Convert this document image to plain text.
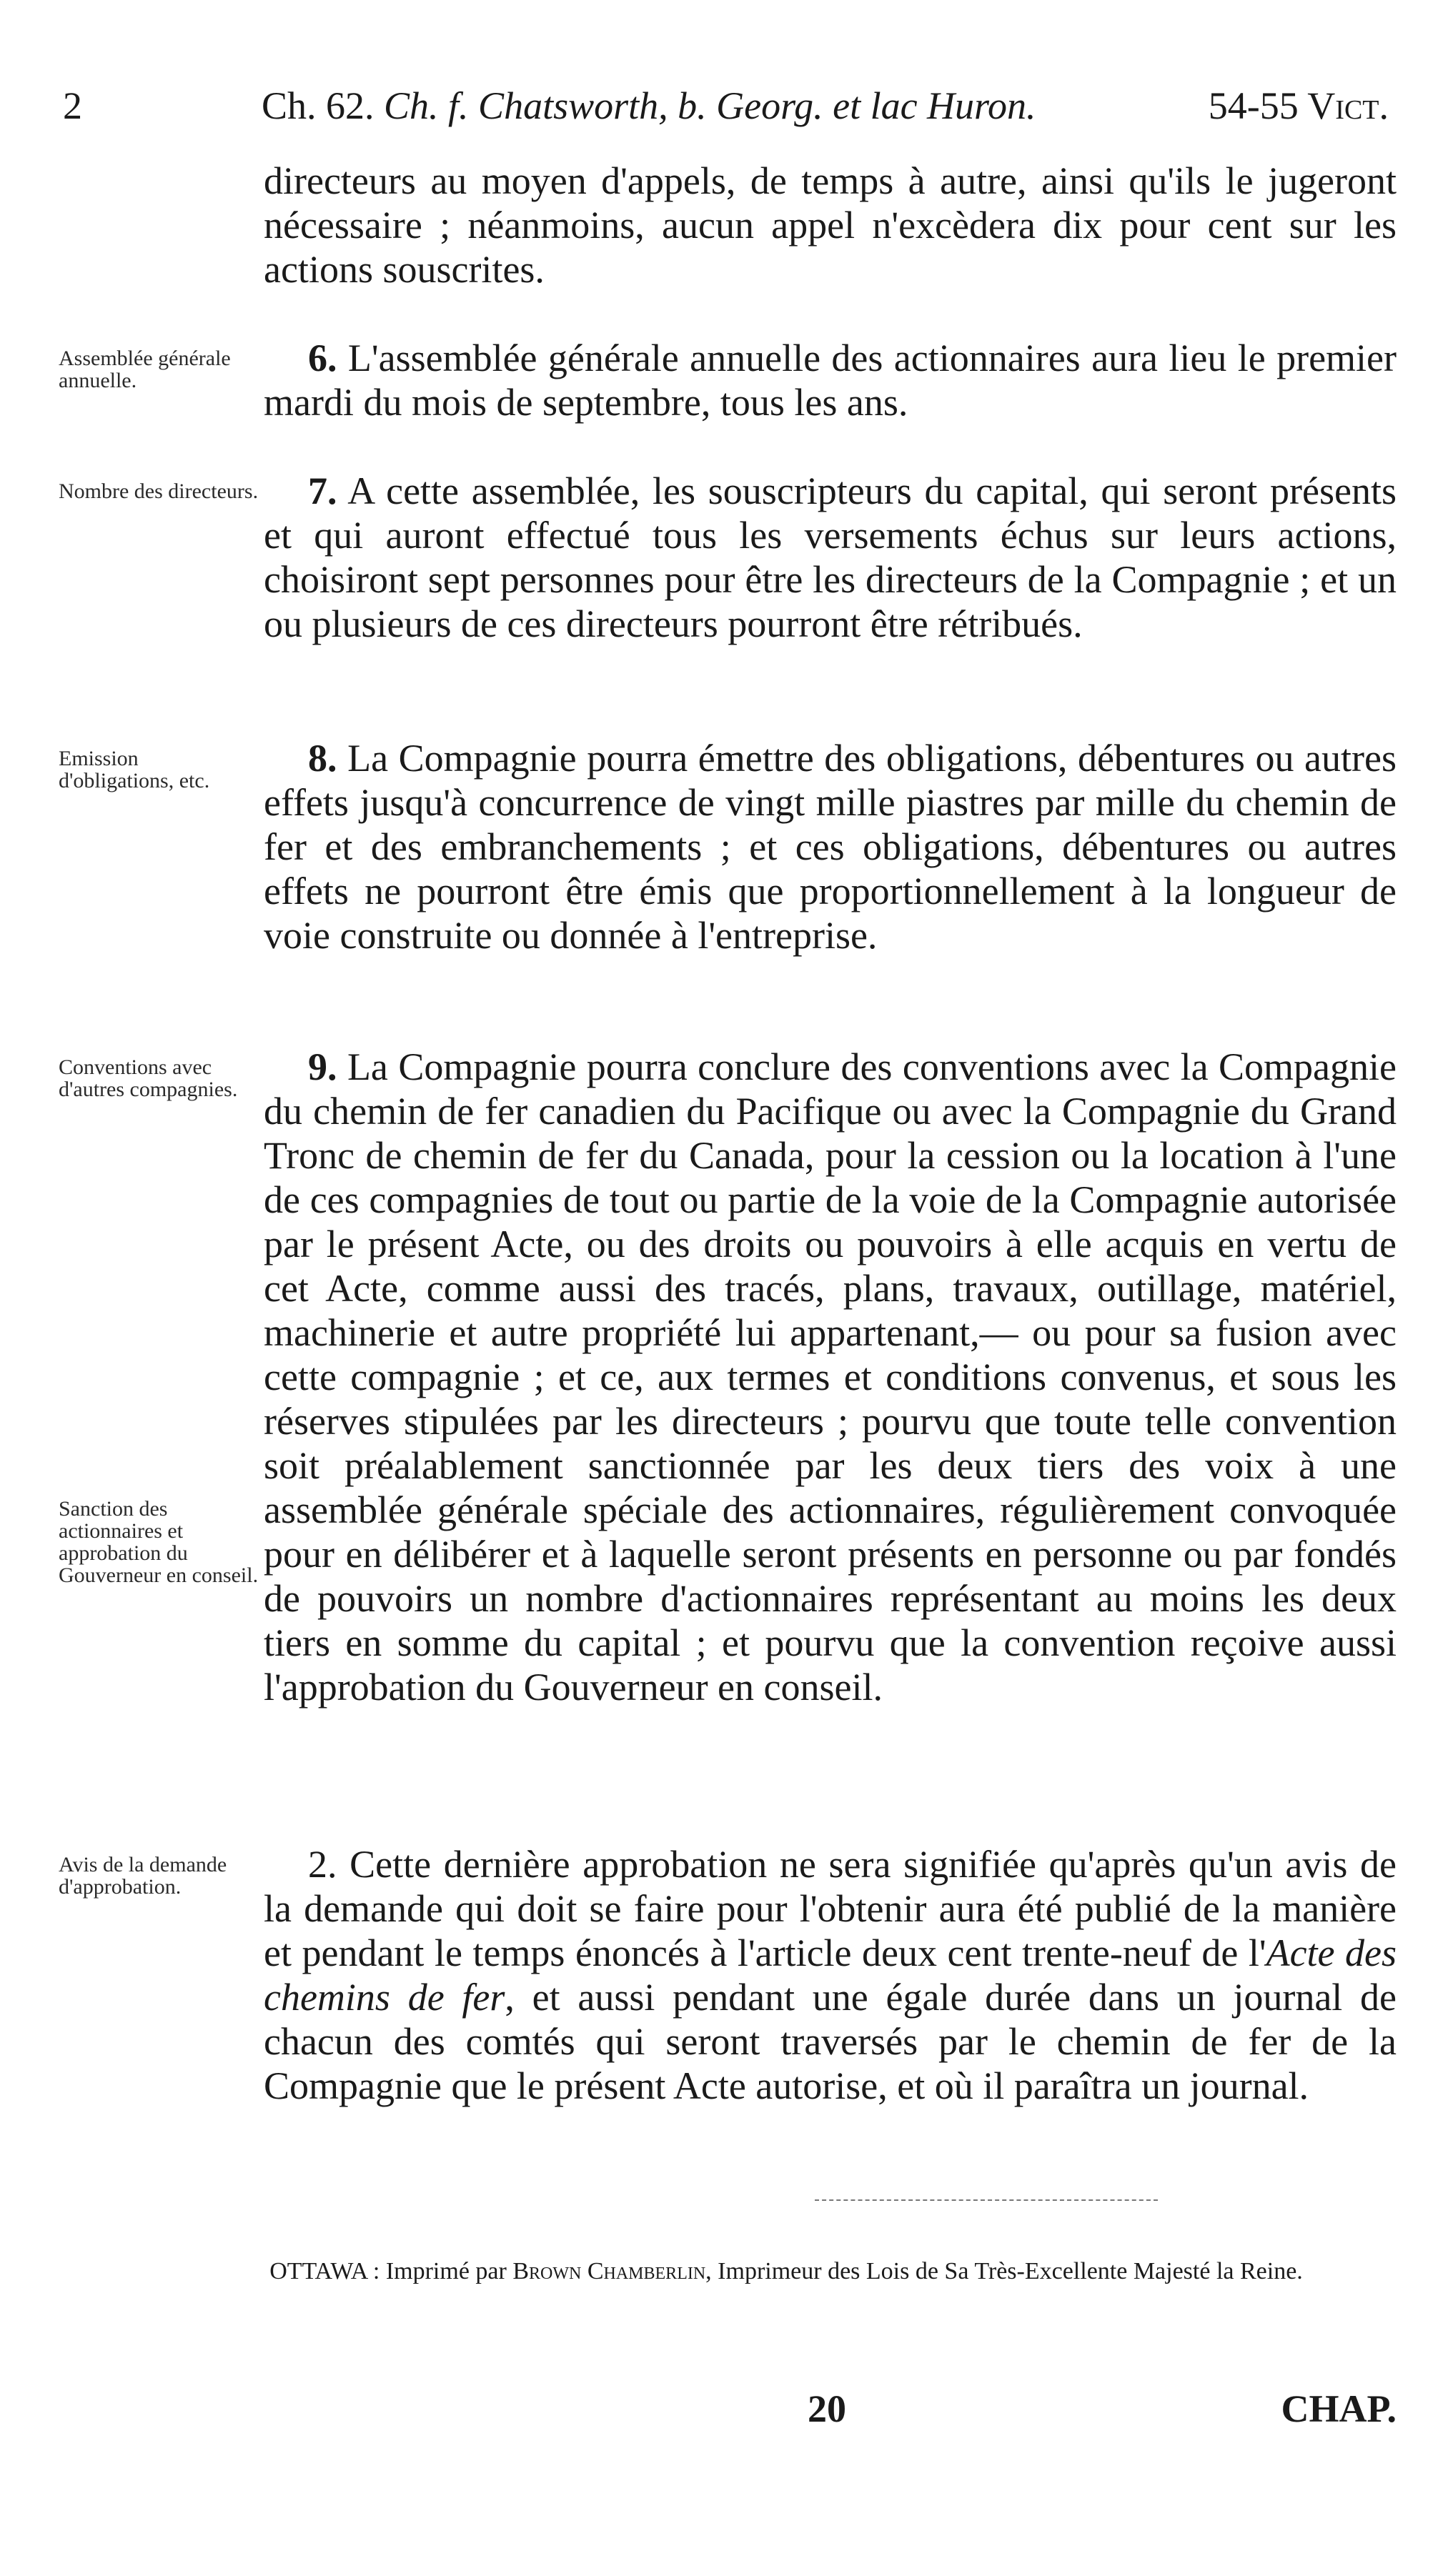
2	Ch. 62. Ch. f. Chatsworth, b. Georg. et lac Huron.	54-55 Vict.

directeurs au moyen d'appels, de temps à autre, ainsi qu'ils le jugeront nécessaire ; néanmoins, aucun appel n'excèdera dix pour cent sur les actions souscrites.

6. L'assemblée générale annuelle des actionnaires aura lieu le premier mardi du mois de septembre, tous les ans.

7. A cette assemblée, les souscripteurs du capital, qui seront présents et qui auront effectué tous les versements échus sur leurs actions, choisiront sept personnes pour être les directeurs de la Compagnie ; et un ou plusieurs de ces directeurs pourront être rétribués.

8. La Compagnie pourra émettre des obligations, débentures ou autres effets jusqu'à concurrence de vingt mille piastres par mille du chemin de fer et des embranchements ; et ces obligations, débentures ou autres effets ne pourront être émis que proportionnellement à la longueur de voie construite ou donnée à l'entreprise.

9. La Compagnie pourra conclure des conventions avec la Compagnie du chemin de fer canadien du Pacifique ou avec la Compagnie du Grand Tronc de chemin de fer du Canada, pour la cession ou la location à l'une de ces compagnies de tout ou partie de la voie de la Compagnie autorisée par le présent Acte, ou des droits ou pouvoirs à elle acquis en vertu de cet Acte, comme aussi des tracés, plans, travaux, outillage, matériel, machinerie et autre propriété lui appartenant,— ou pour sa fusion avec cette compagnie ; et ce, aux termes et conditions convenus, et sous les réserves stipulées par les directeurs ; pourvu que toute telle convention soit préalablement sanctionnée par les deux tiers des voix à une assemblée générale spéciale des actionnaires, régulièrement convoquée pour en délibérer et à laquelle seront présents en personne ou par fondés de pouvoirs un nombre d'actionnaires représentant au moins les deux tiers en somme du capital ; et pourvu que la convention reçoive aussi l'approbation du Gouverneur en conseil.

2. Cette dernière approbation ne sera signifiée qu'après qu'un avis de la demande qui doit se faire pour l'obtenir aura été publié de la manière et pendant le temps énoncés à l'article deux cent trente-neuf de l'Acte des chemins de fer, et aussi pendant une égale durée dans un journal de chacun des comtés qui seront traversés par le chemin de fer de la Compagnie que le présent Acte autorise, et où il paraîtra un journal.

Assemblée générale annuelle.
Nombre des directeurs.
Emission d'obligations, etc.
Conventions avec d'autres compagnies.
Sanction des actionnaires et approbation du Gouverneur en conseil.
Avis de la demande d'approbation.
OTTAWA : Imprimé par Brown Chamberlin, Imprimeur des Lois de Sa Très-Excellente Majesté la Reine.
20	CHAP.
